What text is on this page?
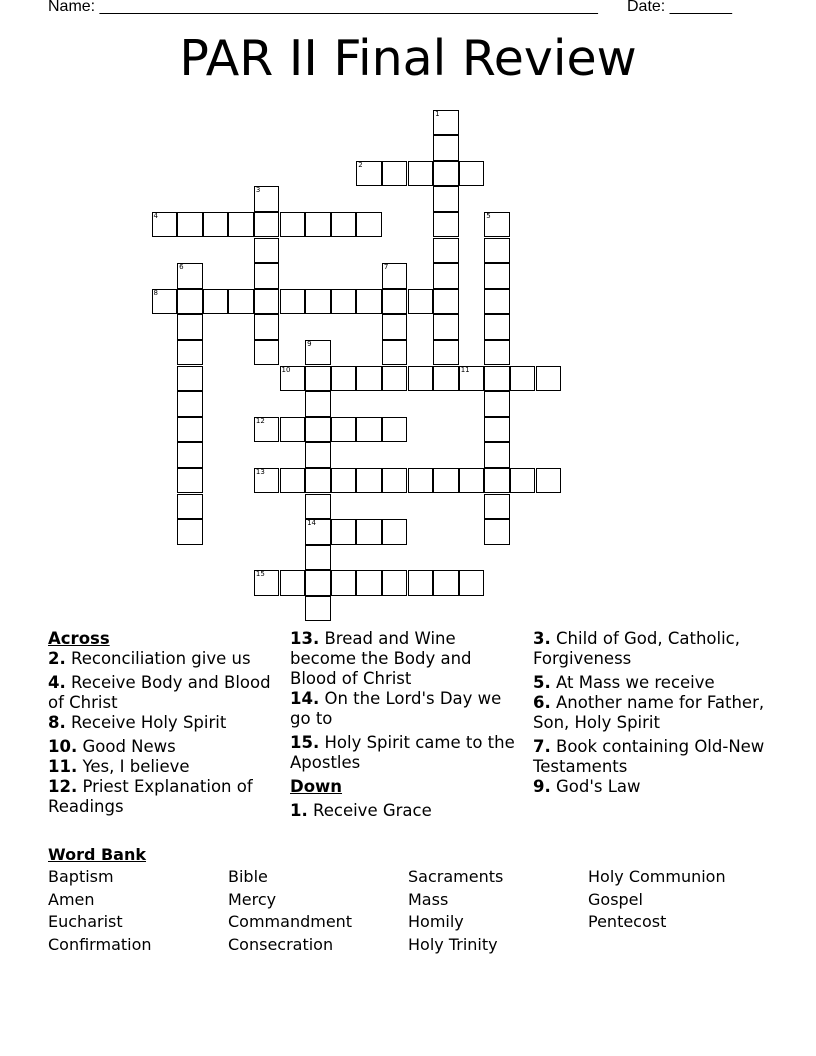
Name: ________________________________________________________ Date: _______
PAR II Final Review
1
2
3
4	5
6	7
8
9
14
10	11
12
13
15
Across
2. Reconciliation give us
4. Receive Body and Blood of Christ
8. Receive Holy Spirit
10. Good News
11. Yes, I believe
12. Priest Explanation of Readings
13. Bread and Wine become the Body and Blood of Christ
14. On the Lord's Day we go to
15. Holy Spirit came to the Apostles
Down
1. Receive Grace
3. Child of God, Catholic, Forgiveness
5. At Mass we receive
6. Another name for Father, Son, Holy Spirit
7. Book containing Old-New Testaments
9. God's Law
Word Bank
Baptism	Bible	Sacraments	Holy Communion
Amen	Mercy	Mass	Gospel
Eucharist	Commandment	Homily	Pentecost
Confirmation	Consecration	Holy Trinity
